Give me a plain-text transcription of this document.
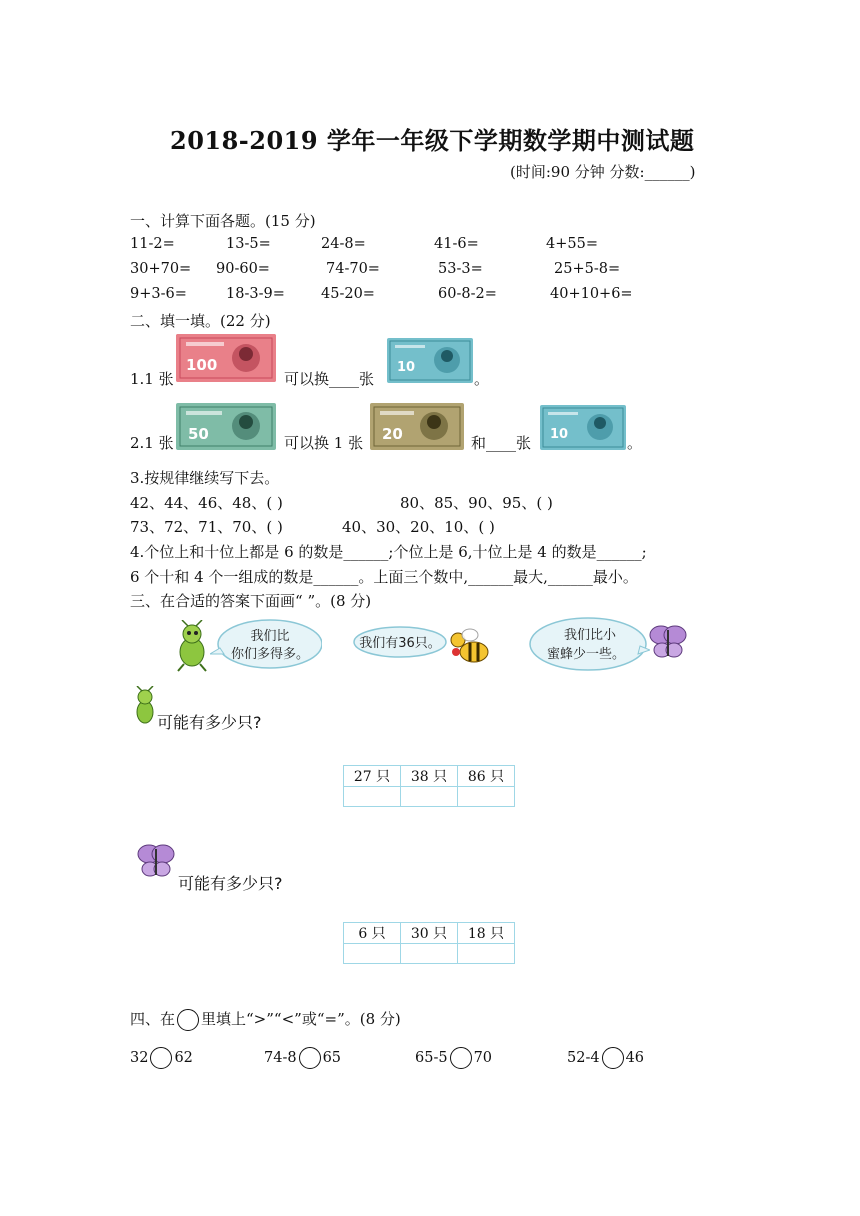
2018-2019 学年一年级下学期数学期中测试题
(时间:90 分钟 分数:______)
一、计算下面各题。(15 分)
11-2=	13-5=	24-8=	41-6=	4+55=
30+70= 90-60=	74-70=	53-3=	25+5-8=
9+3-6=	18-3-9= 45-20=	60-8-2=	40+10+6=
二、填一填。(22 分)
1.1 张
100
可以换____张
10
。
2.1 张 50	可以换 1 张 20	和____张 10	。
3.按规律继续写下去。
42、44、46、48、( )	80、85、90、95、( )
73、72、71、70、( )	40、30、20、10、( )
4.个位上和十位上都是 6 的数是______;个位上是 6,十位上是 4 的数是______;
6 个十和 4 个一组成的数是______。上面三个数中,______最大,______最小。
三、在合适的答案下面画“ ”。(8 分)
我们比
你们多得多。
我们有36只。
我们比小
蜜蜂少一些。
可能有多少只?
27 只	38 只	86 只

可能有多少只?
6 只	30 只	18 只

四、在 里填上“>”“<”或“=”。(8 分)
32 62	74-8 65	65-5 70	52-4 46
